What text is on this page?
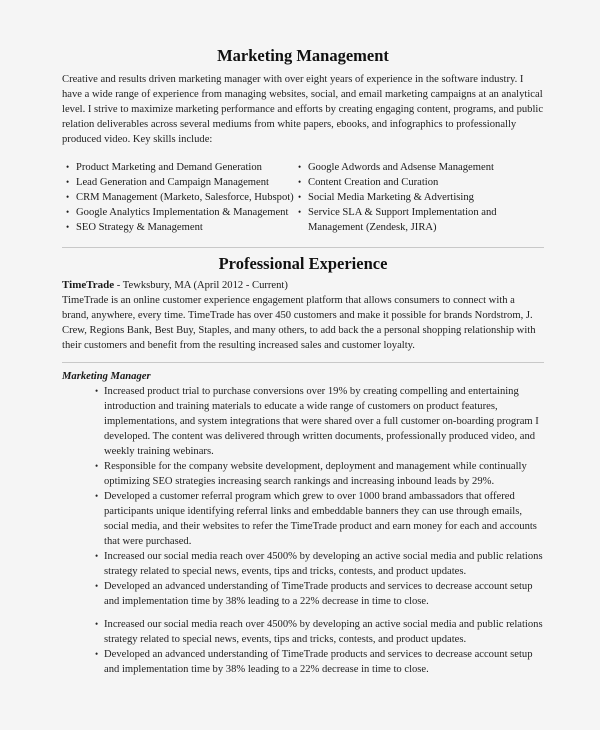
Marketing Management

Creative and results driven marketing manager with over eight years of experience in the software industry. I have a wide range of experience from managing websites, social, and email marketing campaigns at an analytical level. I strive to maximize marketing performance and efforts by creating engaging content, programs, and public relation deliverables across several mediums from white papers, ebooks, and infographics to professionally produced video. Key skills include:

• Product Marketing and Demand Generation
• Lead Generation and Campaign Management
• CRM Management (Marketo, Salesforce, Hubspot)
• Google Analytics Implementation & Management
• SEO Strategy & Management
• Google Adwords and Adsense Management
• Content Creation and Curation
• Social Media Marketing & Advertising
• Service SLA & Support Implementation and Management (Zendesk, JIRA)
Professional Experience

TimeTrade - Tewksbury, MA (April 2012 - Current)

TimeTrade is an online customer experience engagement platform that allows consumers to connect with a brand, anywhere, every time. TimeTrade has over 450 customers and make it possible for brands Nordstrom, J. Crew, Regions Bank, Best Buy, Staples, and many others, to add back the a personal shopping relationship with their customers and benefit from the resulting increased sales and customer loyalty.

Marketing Manager

• Increased product trial to purchase conversions over 19% by creating compelling and entertaining introduction and training materials to educate a wide range of customers on product features, implementations, and system integrations that were shared over a full customer on-boarding program I developed. The content was delivered through written documents, professionally produced video, and weekly training webinars.
• Responsible for the company website development, deployment and management while continually optimizing SEO strategies increasing search rankings and increasing inbound leads by 29%.
• Developed a customer referral program which grew to over 1000 brand ambassadors that offered participants unique identifying referral links and embeddable banners they can use through emails, social media, and their websites to refer the TimeTrade product and earn money for each and accounts that were purchased.
• Increased our social media reach over 4500% by developing an active social media and public relations strategy related to special news, events, tips and tricks, contests, and product updates.
• Developed an advanced understanding of TimeTrade products and services to decrease account setup and implementation time by 38% leading to a 22% decrease in time to close.
• Increased our social media reach over 4500% by developing an active social media and public relations strategy related to special news, events, tips and tricks, contests, and product updates.
• Developed an advanced understanding of TimeTrade products and services to decrease account setup and implementation time by 38% leading to a 22% decrease in time to close.
